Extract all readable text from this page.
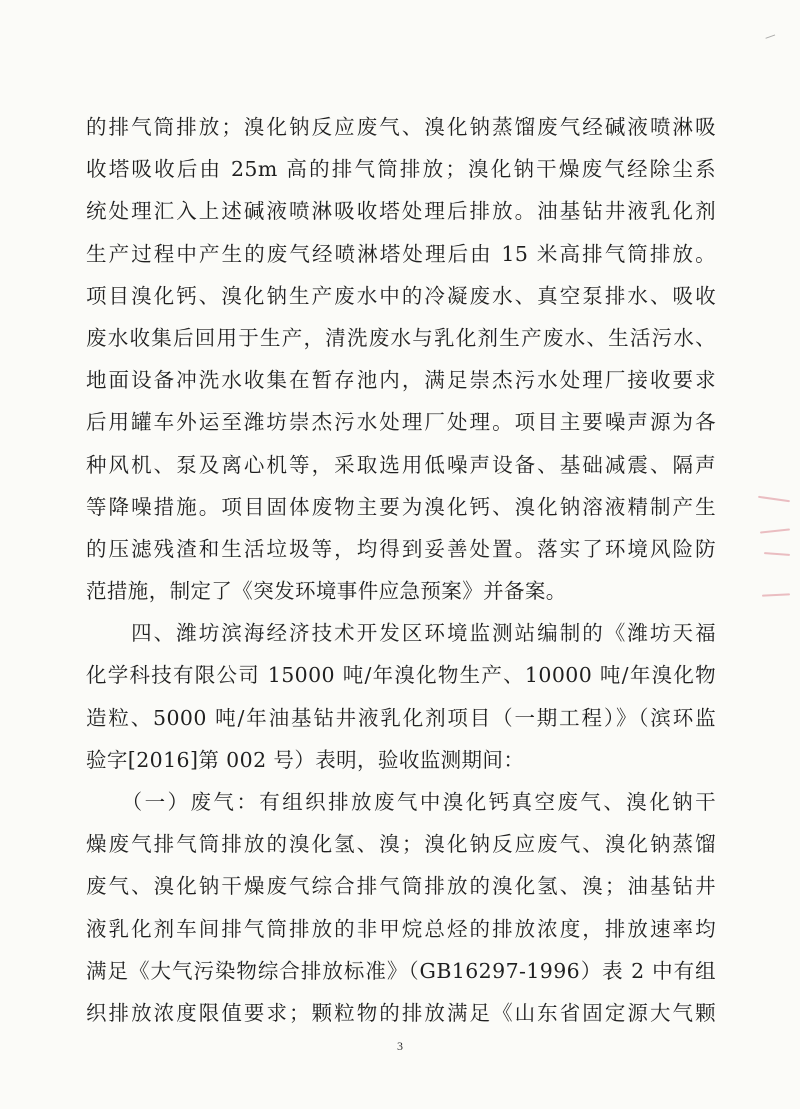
的排气筒排放；溴化钠反应废气、溴化钠蒸馏废气经碱液喷淋吸
收塔吸收后由 25m 高的排气筒排放；溴化钠干燥废气经除尘系
统处理汇入上述碱液喷淋吸收塔处理后排放。油基钻井液乳化剂
生产过程中产生的废气经喷淋塔处理后由 15 米高排气筒排放。
项目溴化钙、溴化钠生产废水中的冷凝废水、真空泵排水、吸收
废水收集后回用于生产，清洗废水与乳化剂生产废水、生活污水、
地面设备冲洗水收集在暂存池内，满足崇杰污水处理厂接收要求
后用罐车外运至潍坊崇杰污水处理厂处理。项目主要噪声源为各
种风机、泵及离心机等，采取选用低噪声设备、基础减震、隔声
等降噪措施。项目固体废物主要为溴化钙、溴化钠溶液精制产生
的压滤残渣和生活垃圾等，均得到妥善处置。落实了环境风险防
范措施，制定了《突发环境事件应急预案》并备案。
　　四、潍坊滨海经济技术开发区环境监测站编制的《潍坊天福
化学科技有限公司 15000 吨/年溴化物生产、10000 吨/年溴化物
造粒、5000 吨/年油基钻井液乳化剂项目（一期工程）》（滨环监
验字[2016]第 002 号）表明，验收监测期间：
　　（一）废气：有组织排放废气中溴化钙真空废气、溴化钠干
燥废气排气筒排放的溴化氢、溴；溴化钠反应废气、溴化钠蒸馏
废气、溴化钠干燥废气综合排气筒排放的溴化氢、溴；油基钻井
液乳化剂车间排气筒排放的非甲烷总烃的排放浓度，排放速率均
满足《大气污染物综合排放标准》（GB16297-1996）表 2 中有组
织排放浓度限值要求；颗粒物的排放满足《山东省固定源大气颗
3
